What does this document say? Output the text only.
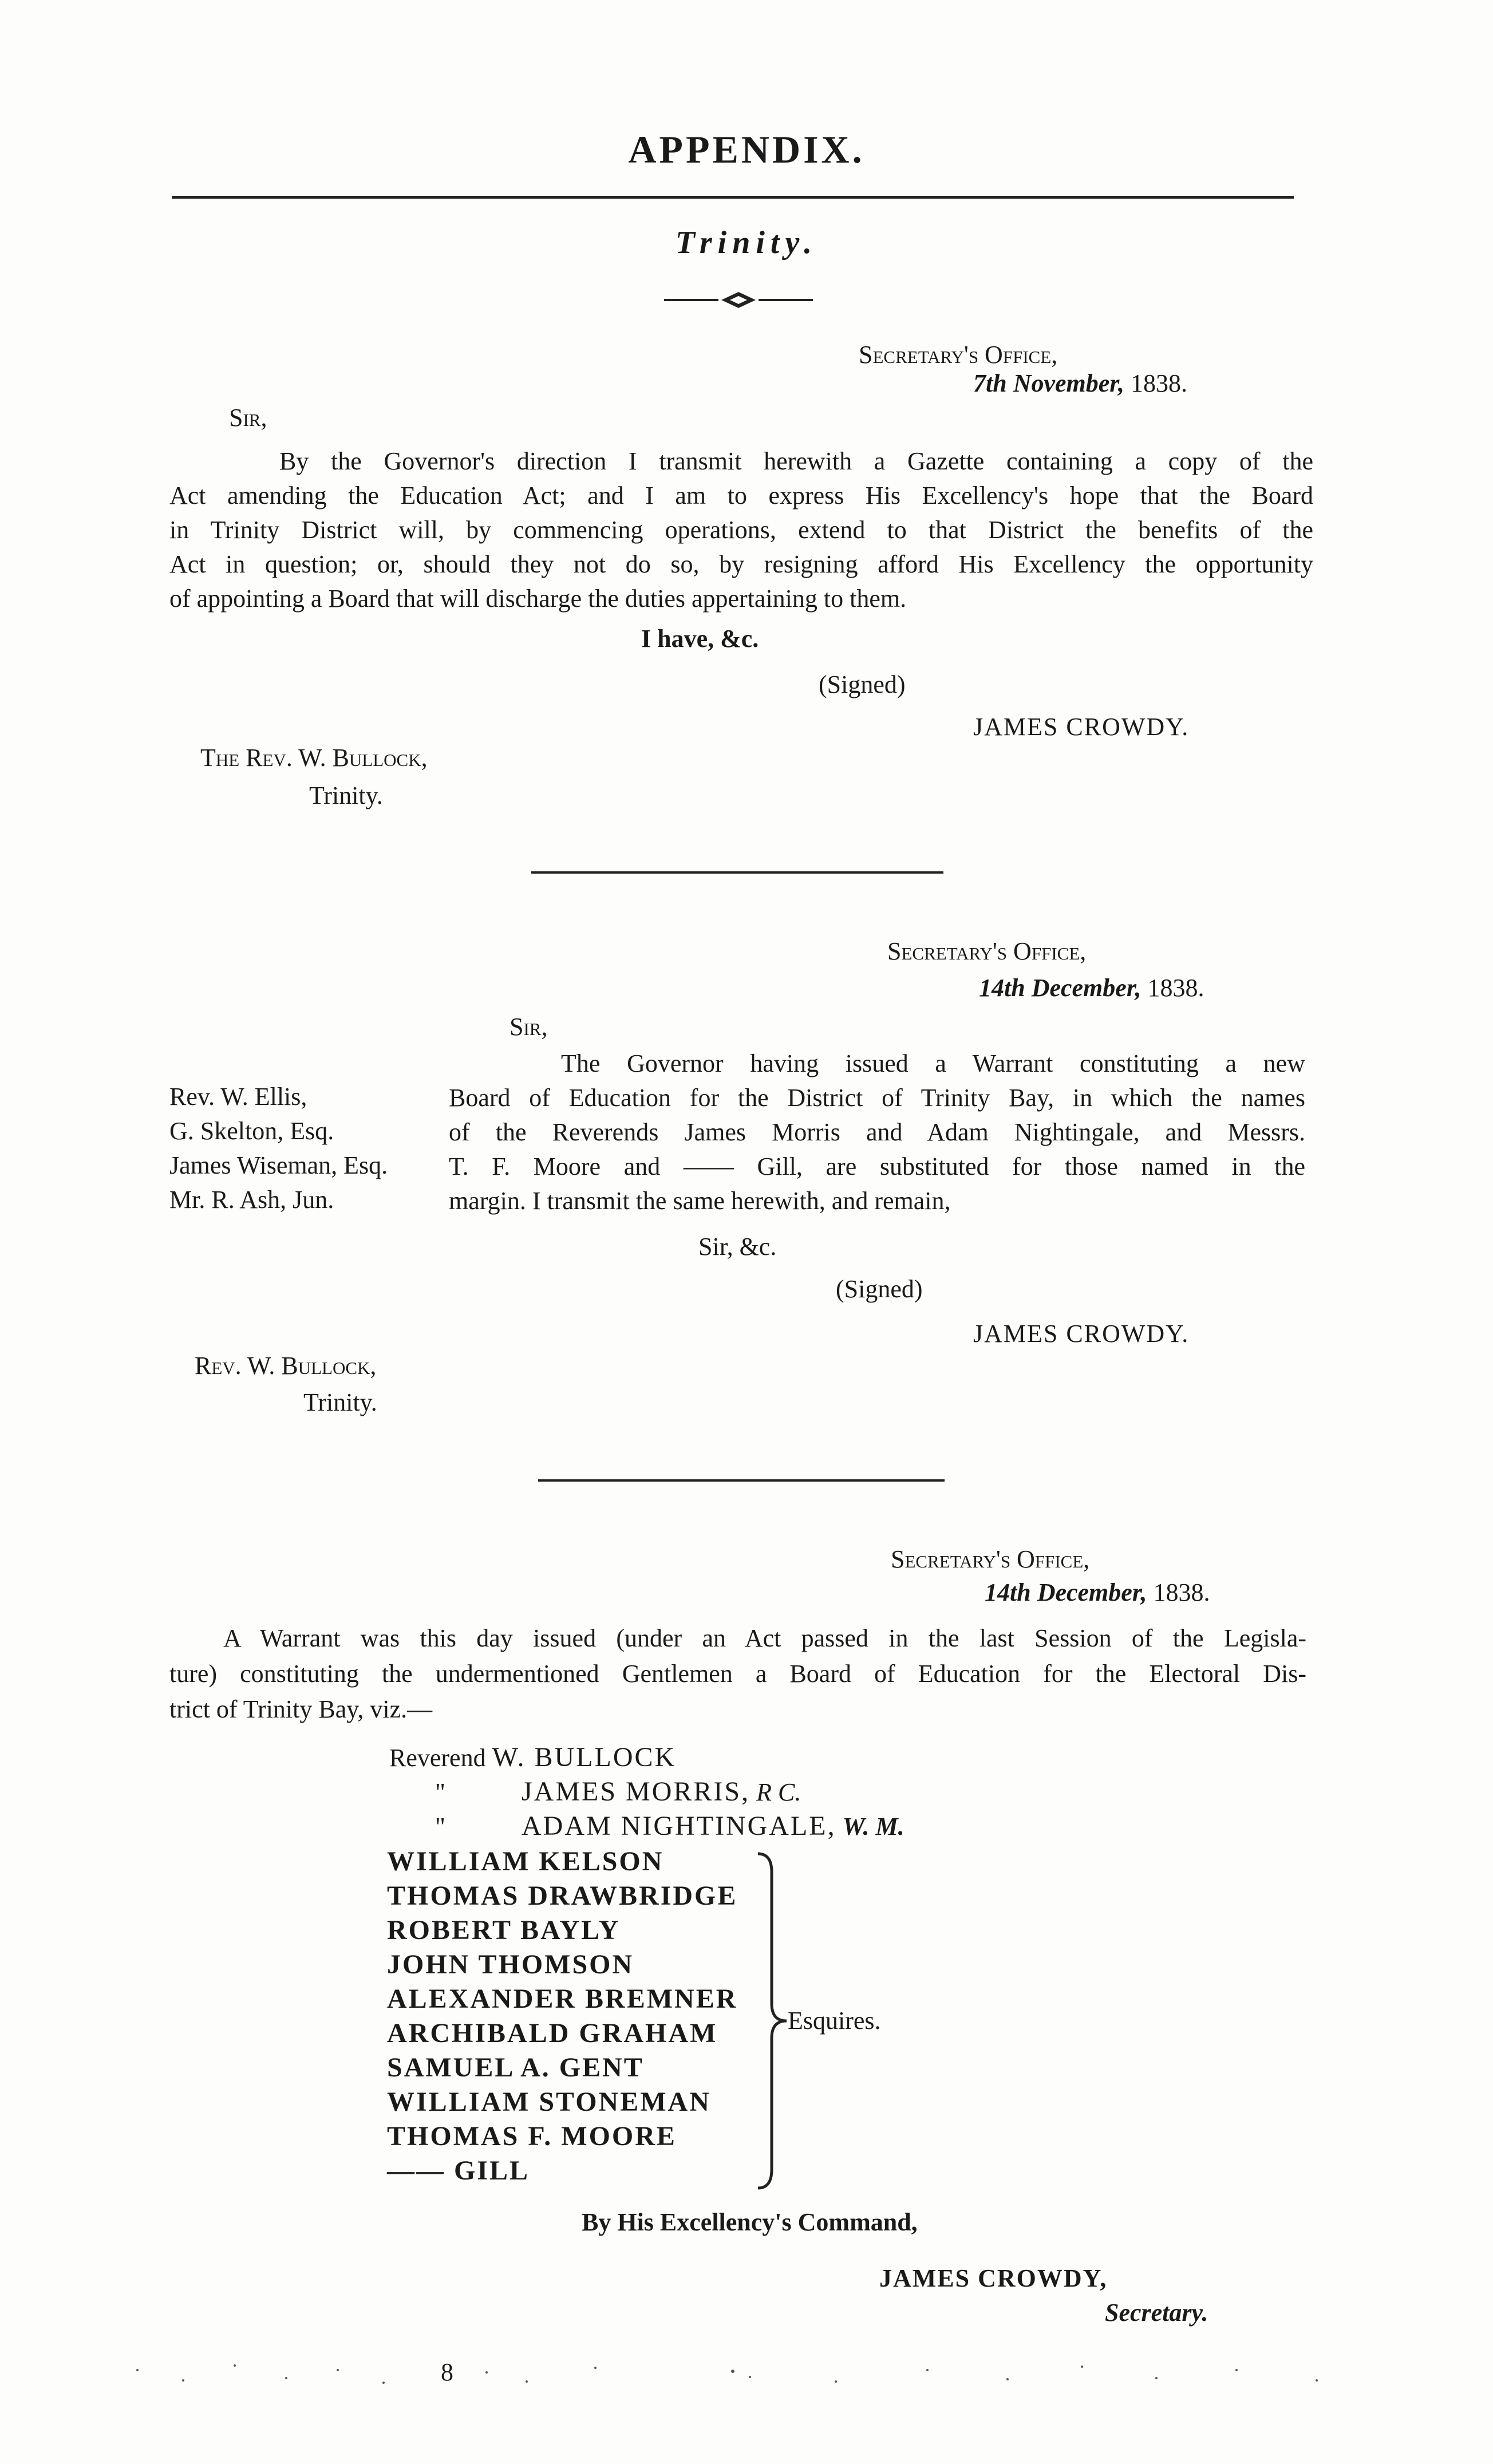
APPENDIX.
Trinity.
Secretary's Office,
7th November, 1838.
Sir,
By the Governor's direction I transmit herewith a Gazette containing a copy of the
Act amending the Education Act; and I am to express His Excellency's hope that the Board
in Trinity District will, by commencing operations, extend to that District the benefits of the
Act in question; or, should they not do so, by resigning afford His Excellency the opportunity
of appointing a Board that will discharge the duties appertaining to them.
I have, &c.
(Signed)
JAMES CROWDY.
The Rev. W. Bullock,
Trinity.
Secretary's Office,
14th December, 1838.
Sir,
Rev. W. Ellis,
G. Skelton, Esq.
James Wiseman, Esq.
Mr. R. Ash, Jun.
The Governor having issued a Warrant constituting a new
Board of Education for the District of Trinity Bay, in which the names
of the Reverends James Morris and Adam Nightingale, and Messrs.
T. F. Moore and —— Gill, are substituted for those named in the
margin. I transmit the same herewith, and remain,
Sir, &c.
(Signed)
JAMES CROWDY.
Rev. W. Bullock,
Trinity.
Secretary's Office,
14th December, 1838.
A Warrant was this day issued (under an Act passed in the last Session of the Legisla-
ture) constituting the undermentioned Gentlemen a Board of Education for the Electoral Dis-
trict of Trinity Bay, viz.—
Reverend W. BULLOCK
"	JAMES MORRIS, R C.
"	ADAM NIGHTINGALE, W. M.
WILLIAM KELSON
THOMAS DRAWBRIDGE
ROBERT BAYLY
JOHN THOMSON
ALEXANDER BREMNER
ARCHIBALD GRAHAM
SAMUEL A. GENT
WILLIAM STONEMAN
THOMAS F. MOORE
—— GILL
Esquires.
By His Excellency's Command,
JAMES CROWDY,
Secretary.
8
